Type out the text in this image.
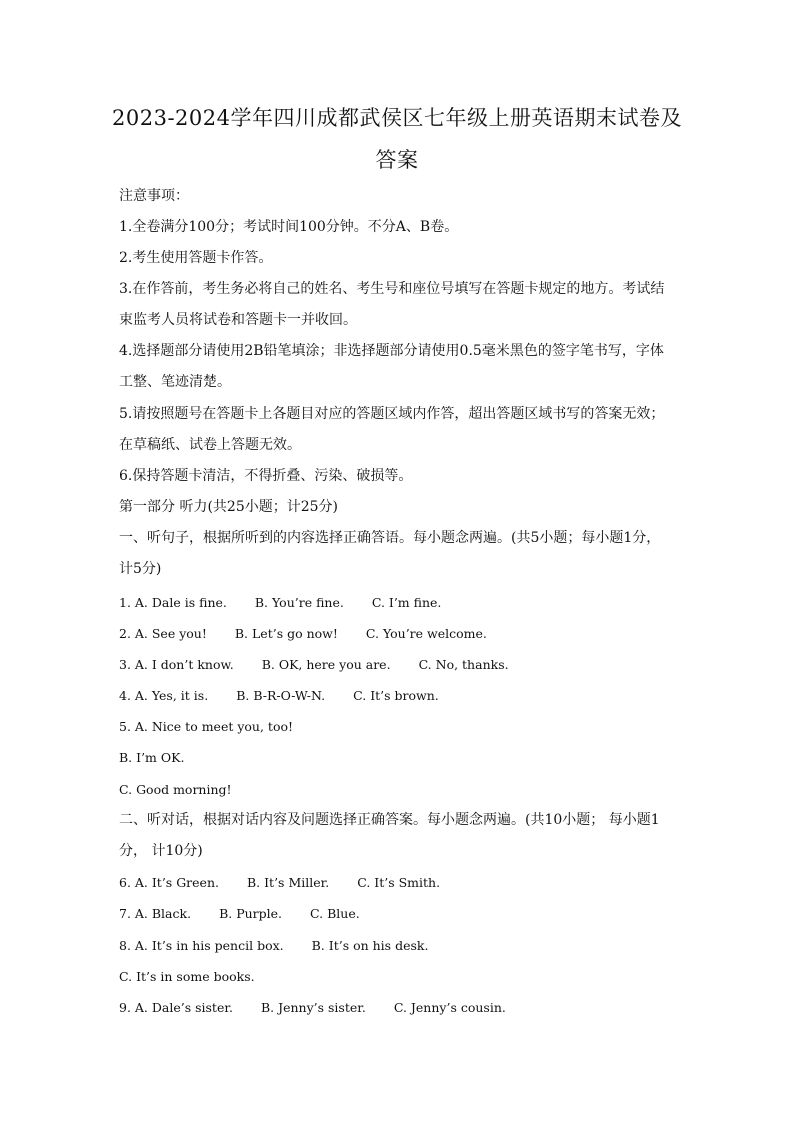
2023-2024学年四川成都武侯区七年级上册英语期末试卷及
答案
注意事项：
1.全卷满分100分；考试时间100分钟。不分A、B卷。
2.考生使用答题卡作答。
3.在作答前，考生务必将自己的姓名、考生号和座位号填写在答题卡规定的地方。考试结
束监考人员将试卷和答题卡一并收回。
4.选择题部分请使用2B铅笔填涂；非选择题部分请使用0.5毫米黑色的签字笔书写，字体
工整、笔迹清楚。
5.请按照题号在答题卡上各题目对应的答题区域内作答，超出答题区域书写的答案无效；
在草稿纸、试卷上答题无效。
6.保持答题卡清洁，不得折叠、污染、破损等。
第一部分 听力(共25小题；计25分)
一、听句子，根据所听到的内容选择正确答语。每小题念两遍。(共5小题；每小题1分，
计5分)
1. A. Dale is fine. B. You’re fine. C. I’m fine.
2. A. See you! B. Let’s go now! C. You’re welcome.
3. A. I don’t know. B. OK, here you are. C. No, thanks.
4. A. Yes, it is. B. B-R-O-W-N. C. It’s brown.
5. A. Nice to meet you, too!
B. I’m OK.
C. Good morning!
二、听对话，根据对话内容及问题选择正确答案。每小题念两遍。(共10小题； 每小题1
分， 计10分)
6. A. It’s Green. B. It’s Miller. C. It’s Smith.
7. A. Black. B. Purple. C. Blue.
8. A. It’s in his pencil box. B. It’s on his desk.
C. It’s in some books.
9. A. Dale’s sister. B. Jenny’s sister. C. Jenny’s cousin.
